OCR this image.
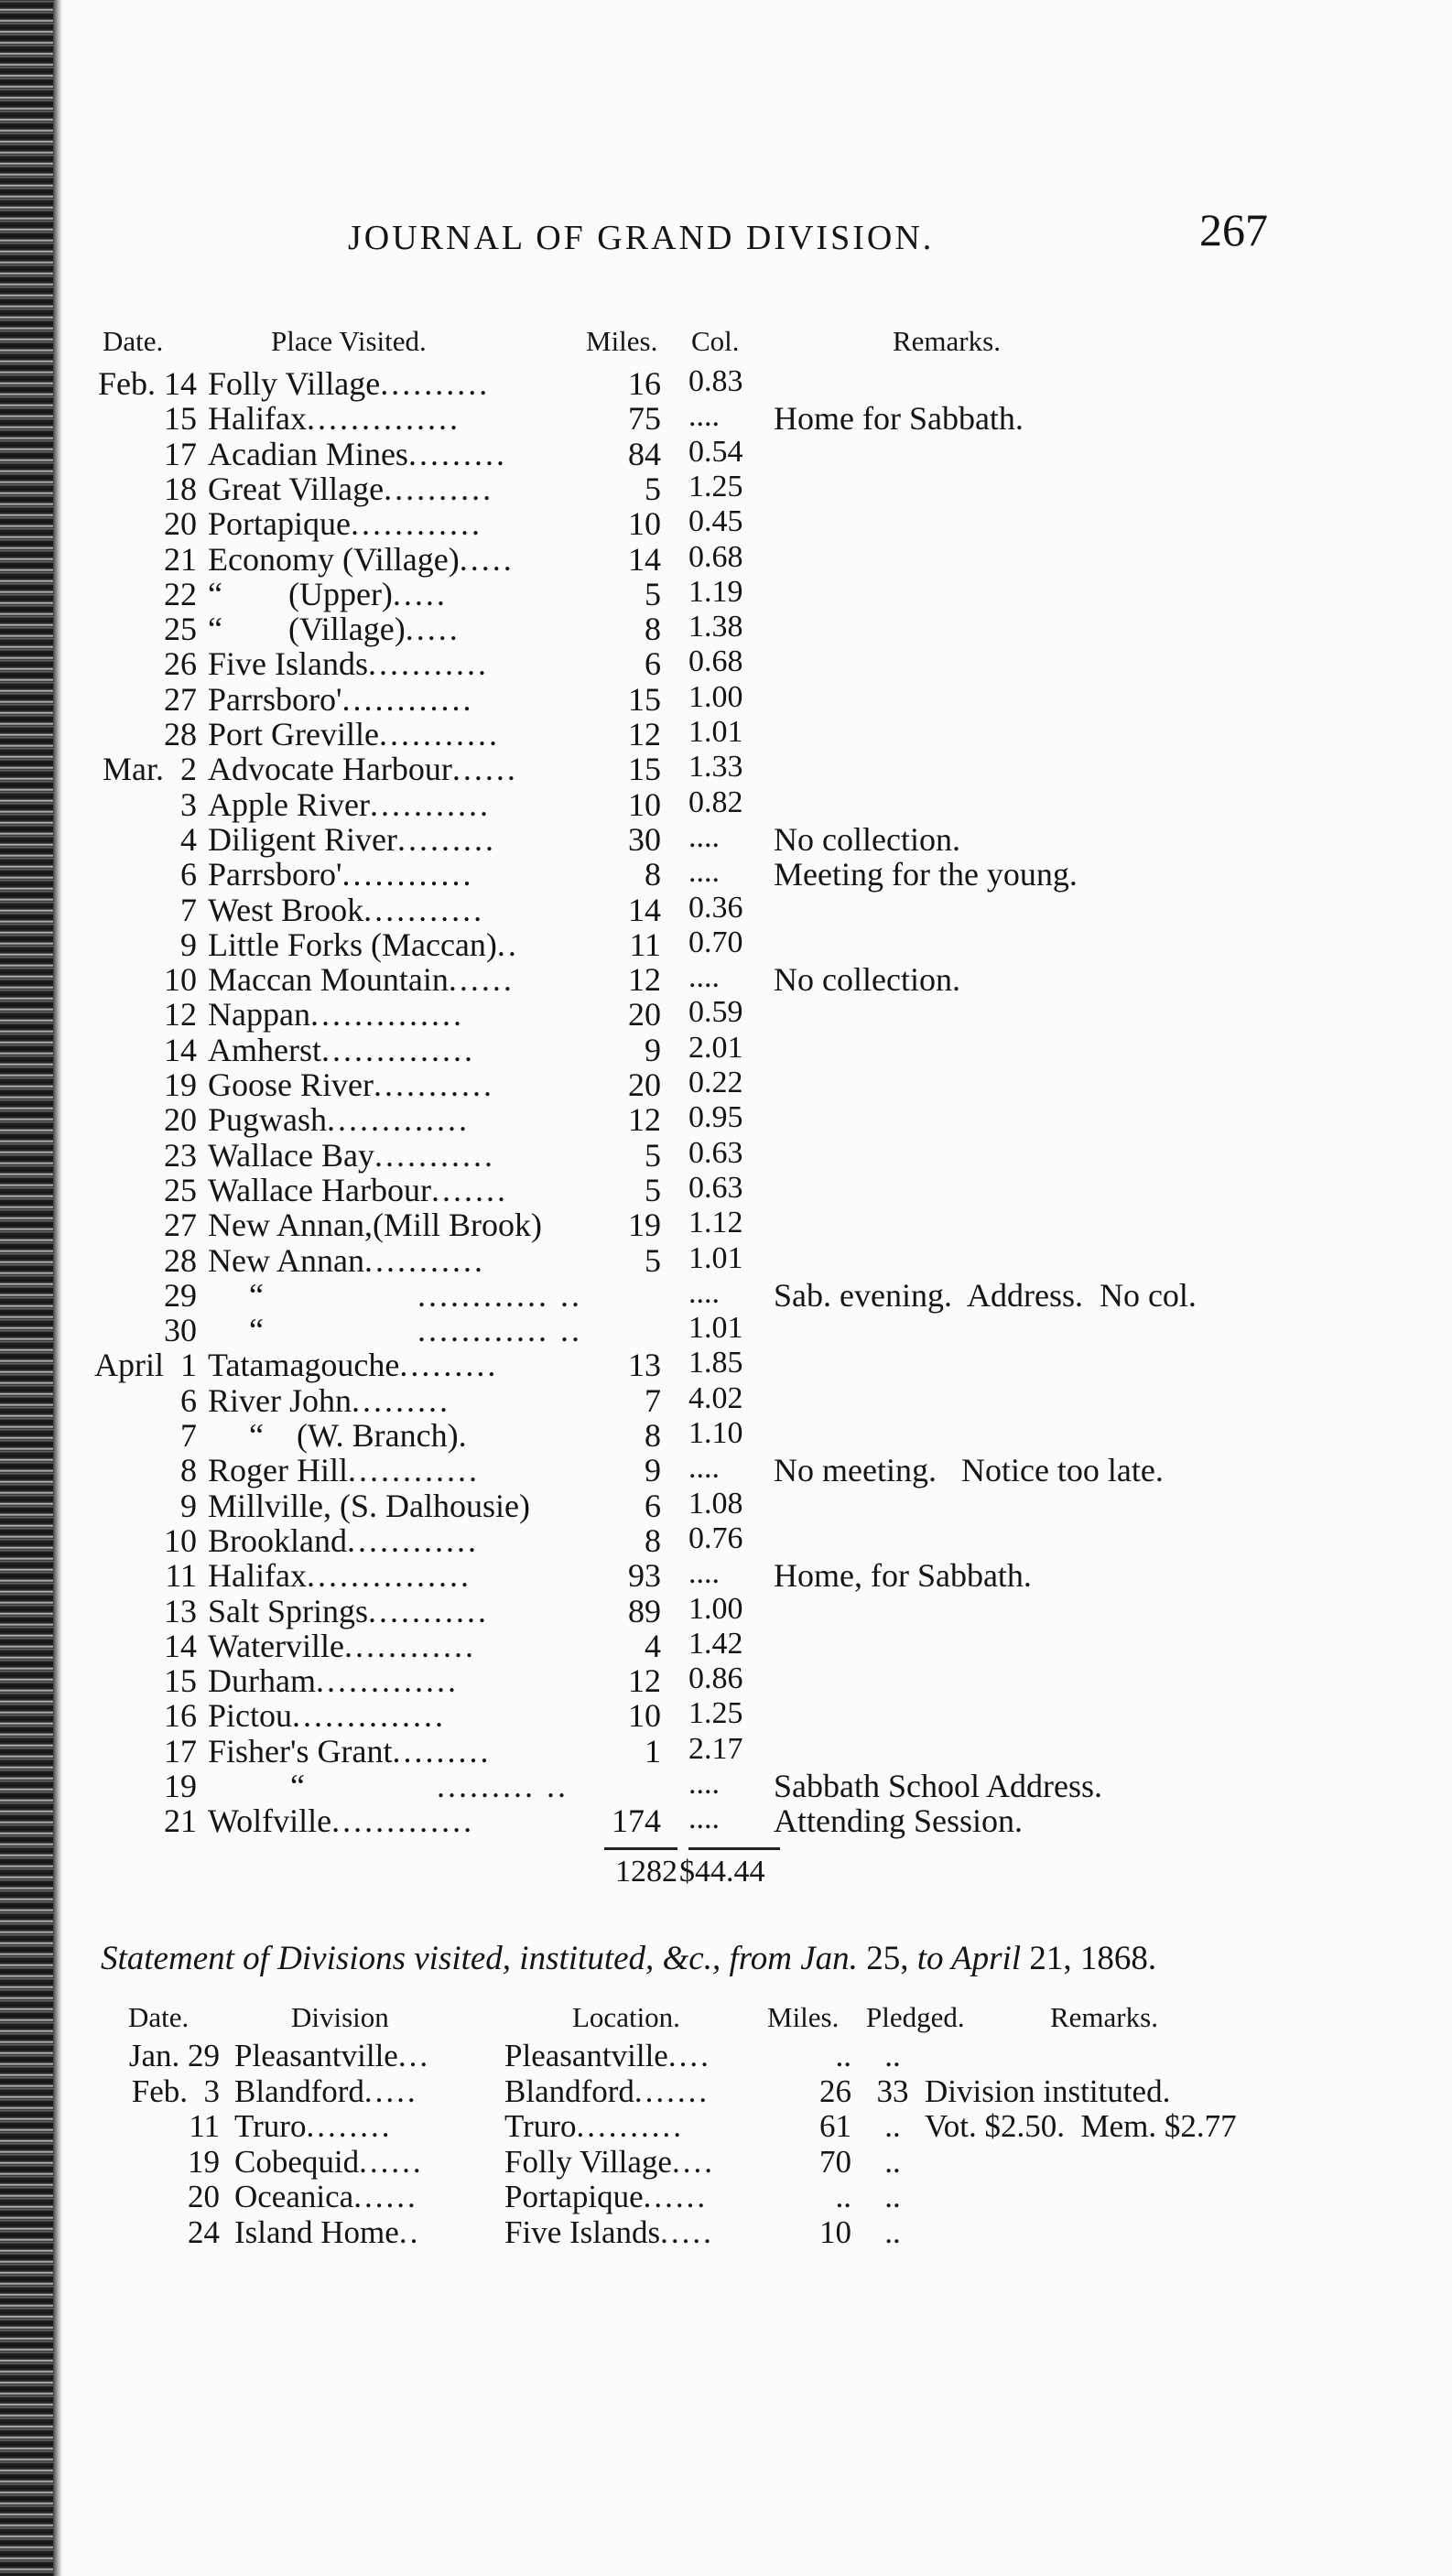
JOURNAL OF GRAND DIVISION.	267
Date.	Place Visited.	Miles. Col.	Remarks.
Feb. 14 Folly Village..........	16 0.83
15 Halifax..............	75 ....	Home for Sabbath.
17 Acadian Mines.........	84 0.54
18 Great Village..........	5 1.25
20 Portapique............	10 0.45
21 Economy (Village).....	14 0.68
22 “        (Upper).....	5 1.19
25 “        (Village).....	8 1.38
26 Five Islands...........	6 0.68
27 Parrsboro'............	15 1.00
28 Port Greville...........	12 1.01
Mar.  2 Advocate Harbour......	15 1.33
3 Apple River...........	10 0.82
4 Diligent River.........	30 ....	No collection.
6 Parrsboro'............	8 ....	Meeting for the young.
7 West Brook...........	14 0.36
9 Little Forks (Maccan)..	11 0.70
10 Maccan Mountain......	12 ....	No collection.
12 Nappan..............	20 0.59
14 Amherst..............	9 2.01
19 Goose River...........	20 0.22
20 Pugwash.............	12 0.95
23 Wallace Bay...........	5 0.63
25 Wallace Harbour.......	5 0.63
27 New Annan,(Mill Brook)	19 1.12
28 New Annan...........	5 1.01
29 “              ............ ..	....	Sab. evening.  Address.  No col.
30 “              ............ ..	1.01
April  1 Tatamagouche.........	13 1.85
6 River John.........	7 4.02
7 “    (W. Branch).	8 1.10
8 Roger Hill............	9 ....	No meeting.   Notice too late.
9 Millville, (S. Dalhousie)	6 1.08
10 Brookland............	8 0.76
11 Halifax...............	93 ....	Home, for Sabbath.
13 Salt Springs...........	89 1.00
14 Waterville............	4 1.42
15 Durham.............	12 0.86
16 Pictou..............	10 1.25
17 Fisher's Grant.........	1 2.17
19 “            ......... ..	....	Sabbath School Address.
21 Wolfville.............	174 ....	Attending Session.
1282 $44.44
Statement of Divisions visited, instituted, &c., from Jan. 25, to April 21, 1868.
Date.	Division	Location.	Miles. Pledged.	Remarks.
Jan. 29 Pleasantville...	Pleasantville....	..	..
Feb.  3 Blandford.....	Blandford.......	26 33 Division instituted.
11 Truro........	Truro..........	61	.. Vot. $2.50.  Mem. $2.77
19 Cobequid......	Folly Village....	70	..
20 Oceanica......	Portapique......	..	..
24 Island Home..	Five Islands.....	10	..
